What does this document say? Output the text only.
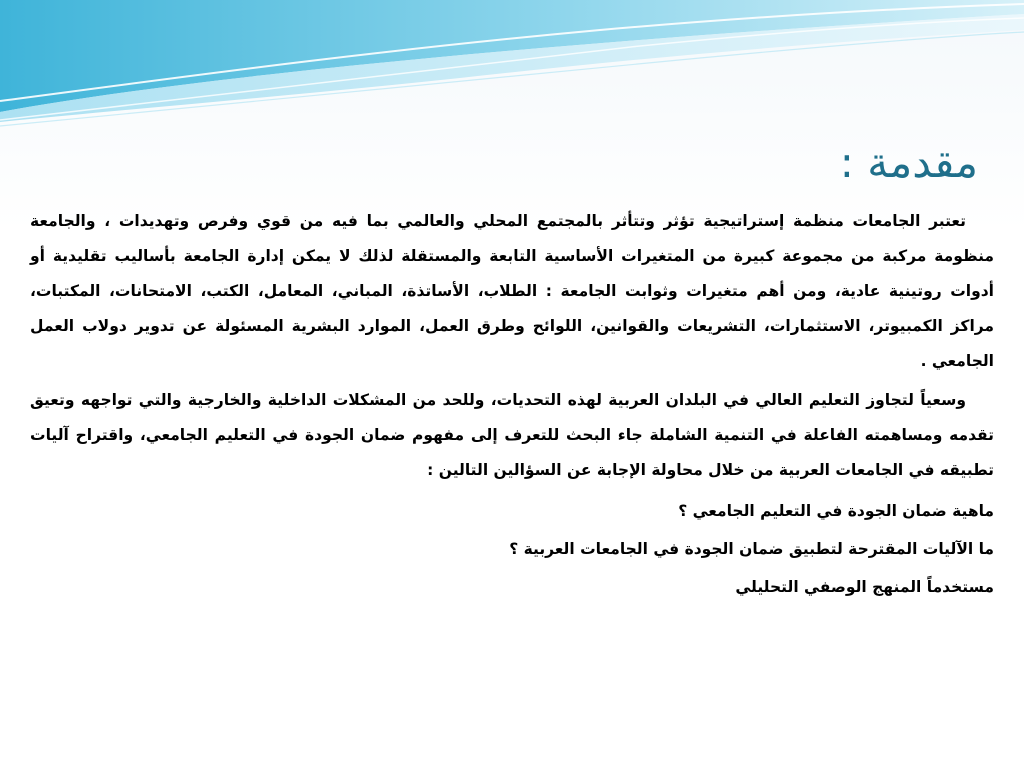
مقدمة :

تعتبر الجامعات منظمة إستراتيجية تؤثر وتتأثر بالمجتمع المحلي والعالمي بما فيه من قوي وفرص وتهديدات ، والجامعة منظومة مركبة من مجموعة كبيرة من المتغيرات الأساسية التابعة والمستقلة لذلك لا يمكن إدارة الجامعة بأساليب تقليدية أو أدوات روتينية عادية، ومن أهم متغيرات وثوابت الجامعة : الطلاب، الأساتذة، المباني، المعامل، الكتب، الامتحانات، المكتبات، مراكز الكمبيوتر، الاستثمارات، التشريعات والقوانين، اللوائح وطرق العمل، الموارد البشرية المسئولة عن تدوير دولاب العمل الجامعي .

وسعياً لتجاوز التعليم العالي في البلدان العربية لهذه التحديات، وللحد من المشكلات الداخلية والخارجية والتي تواجهه وتعيق تقدمه ومساهمته الفاعلة في التنمية الشاملة جاء البحث للتعرف إلى مفهوم ضمان الجودة في التعليم الجامعي، واقتراح آليات تطبيقه في الجامعات العربية من خلال محاولة الإجابة عن السؤالين التالين :

ماهية ضمان الجودة في التعليم الجامعي ؟

ما الآليات المقترحة لتطبيق ضمان الجودة في الجامعات العربية ؟

مستخدماً المنهج الوصفي التحليلي
